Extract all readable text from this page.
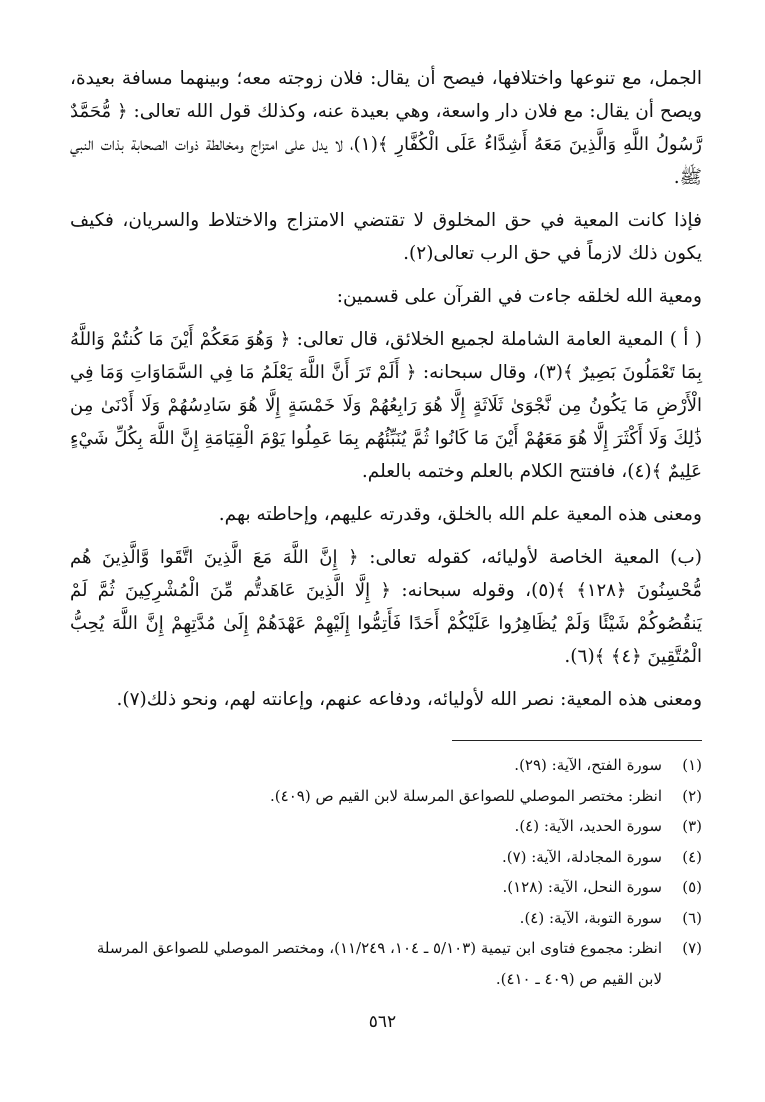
الجمل، مع تنوعها واختلافها، فيصح أن يقال: فلان زوجته معه؛ وبينهما مسافة بعيدة، ويصح أن يقال: مع فلان دار واسعة، وهي بعيدة عنه، وكذلك قول الله تعالى: ﴿ مُّحَمَّدٌ رَّسُولُ اللَّهِ وَالَّذِينَ مَعَهُ أَشِدَّاءُ عَلَى الْكُفَّارِ ﴾(١)، لا يدل على امتزاج ومخالطة ذوات الصحابة بذات النبي ﷺ.

فإذا كانت المعية في حق المخلوق لا تقتضي الامتزاج والاختلاط والسريان، فكيف يكون ذلك لازماً في حق الرب تعالى(٢).

ومعية الله لخلقه جاءت في القرآن على قسمين:

( أ ) المعية العامة الشاملة لجميع الخلائق، قال تعالى: ﴿ وَهُوَ مَعَكُمْ أَيْنَ مَا كُنتُمْ وَاللَّهُ بِمَا تَعْمَلُونَ بَصِيرٌ ﴾(٣)، وقال سبحانه: ﴿ أَلَمْ تَرَ أَنَّ اللَّهَ يَعْلَمُ مَا فِي السَّمَاوَاتِ وَمَا فِي الْأَرْضِ مَا يَكُونُ مِن نَّجْوَىٰ ثَلَاثَةٍ إِلَّا هُوَ رَابِعُهُمْ وَلَا خَمْسَةٍ إِلَّا هُوَ سَادِسُهُمْ وَلَا أَدْنَىٰ مِن ذَٰلِكَ وَلَا أَكْثَرَ إِلَّا هُوَ مَعَهُمْ أَيْنَ مَا كَانُوا ثُمَّ يُنَبِّئُهُم بِمَا عَمِلُوا يَوْمَ الْقِيَامَةِ إِنَّ اللَّهَ بِكُلِّ شَيْءٍ عَلِيمٌ ﴾(٤)، فافتتح الكلام بالعلم وختمه بالعلم.

ومعنى هذه المعية علم الله بالخلق، وقدرته عليهم، وإحاطته بهم.

(ب) المعية الخاصة لأوليائه، كقوله تعالى: ﴿ إِنَّ اللَّهَ مَعَ الَّذِينَ اتَّقَوا وَّالَّذِينَ هُم مُّحْسِنُونَ ﴿١٢٨﴾ ﴾(٥)، وقوله سبحانه: ﴿ إِلَّا الَّذِينَ عَاهَدتُّم مِّنَ الْمُشْرِكِينَ ثُمَّ لَمْ يَنقُصُوكُمْ شَيْئًا وَلَمْ يُظَاهِرُوا عَلَيْكُمْ أَحَدًا فَأَتِمُّوا إِلَيْهِمْ عَهْدَهُمْ إِلَىٰ مُدَّتِهِمْ إِنَّ اللَّهَ يُحِبُّ الْمُتَّقِينَ ﴿٤﴾ ﴾(٦).

ومعنى هذه المعية: نصر الله لأوليائه، ودفاعه عنهم، وإعانته لهم، ونحو ذلك(٧).

(١)
سورة الفتح، الآية: (٢٩).
(٢)
انظر: مختصر الموصلي للصواعق المرسلة لابن القيم ص (٤٠٩).
(٣)
سورة الحديد، الآية: (٤).
(٤)
سورة المجادلة، الآية: (٧).
(٥)
سورة النحل، الآية: (١٢٨).
(٦)
سورة التوبة، الآية: (٤).
(٧)
انظر: مجموع فتاوى ابن تيمية (٥/١٠٣ ـ ١٠٤، ١١/٢٤٩)، ومختصر الموصلي للصواعق المرسلة لابن القيم ص (٤٠٩ ـ ٤١٠).
٥٦٢
